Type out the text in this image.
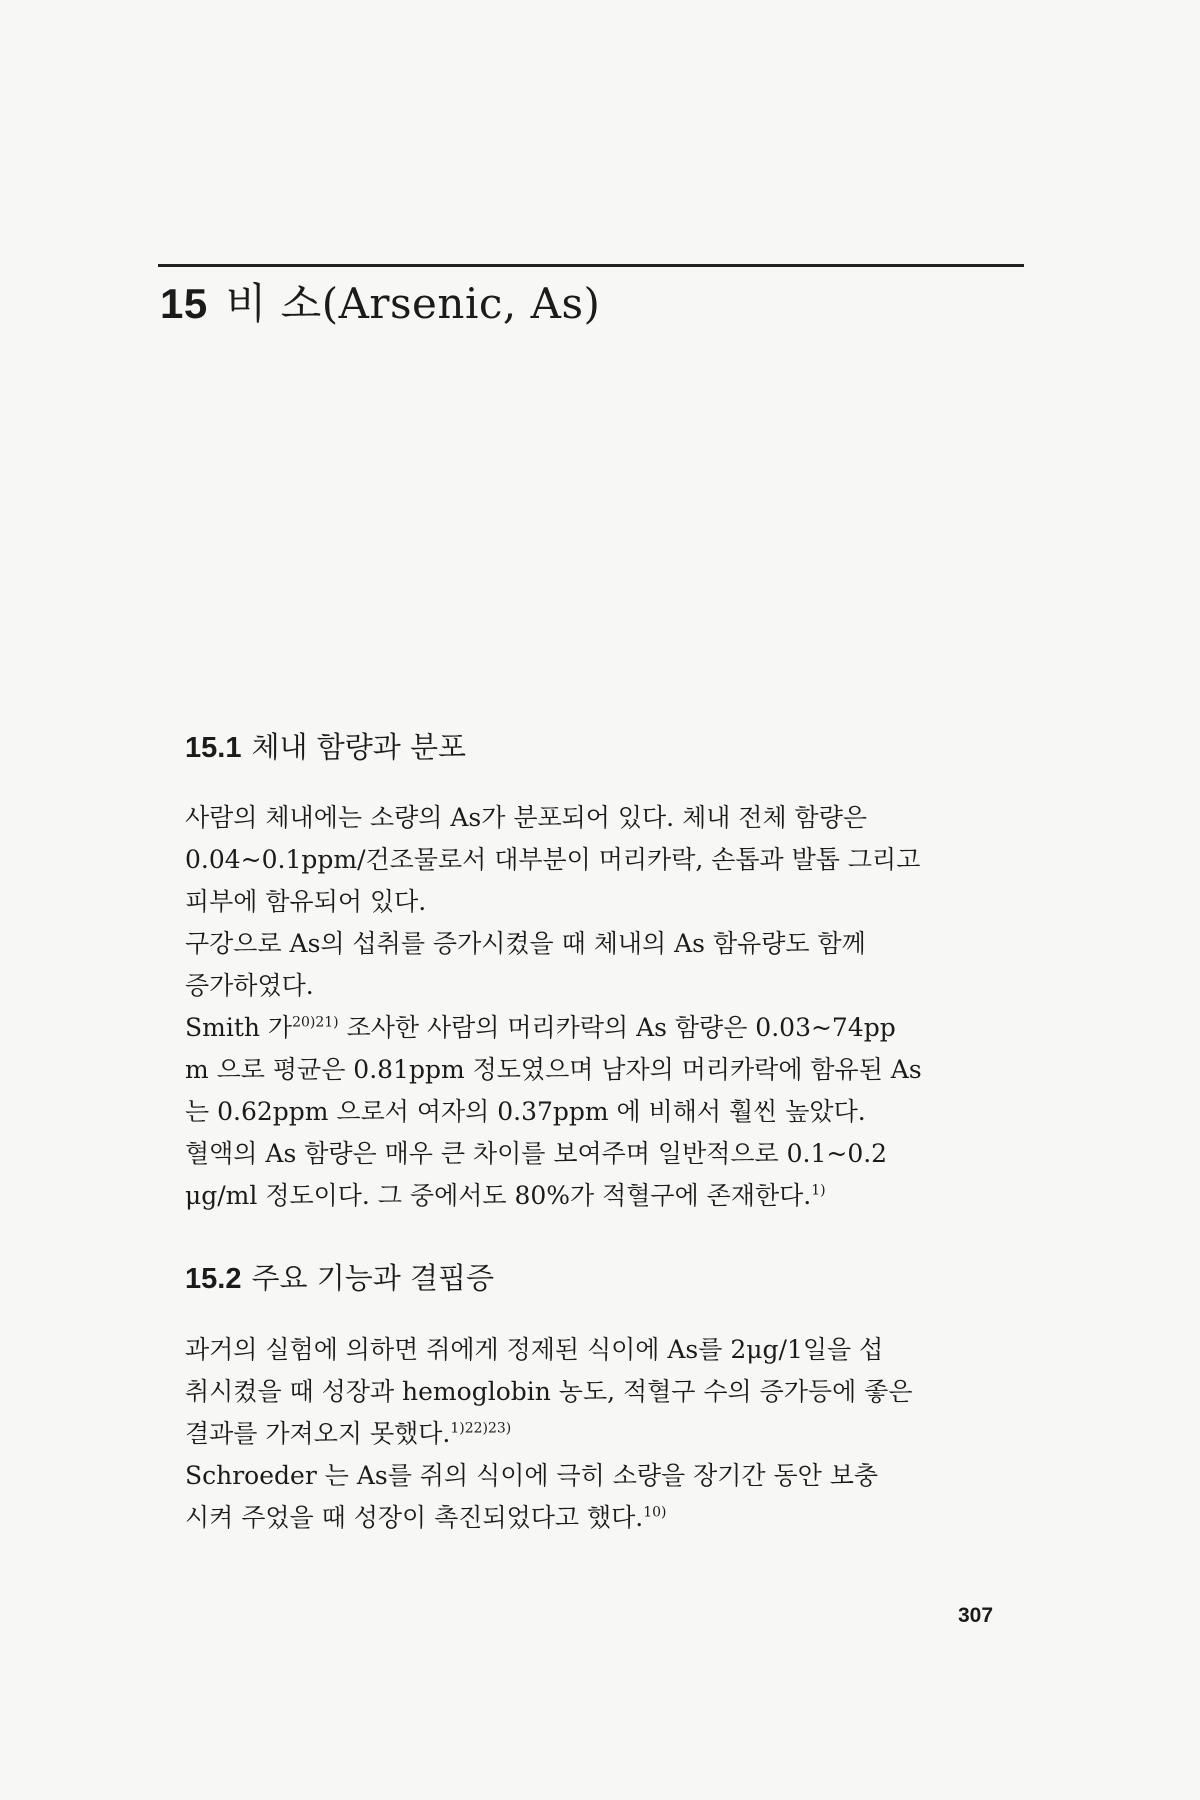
15 비 소(Arsenic, As)
15.1 체내 함량과 분포
사람의 체내에는 소량의 As가 분포되어 있다. 체내 전체 함량은
0.04~0.1ppm/건조물로서 대부분이 머리카락, 손톱과 발톱 그리고
피부에 함유되어 있다.
구강으로 As의 섭취를 증가시켰을 때 체내의 As 함유량도 함께
증가하였다.
Smith 가$^{20)21)}$ 조사한 사람의 머리카락의 As 함량은 0.03~74pp
m 으로 평균은 0.81ppm 정도였으며 남자의 머리카락에 함유된 As
는 0.62ppm 으로서 여자의 0.37ppm 에 비해서 훨씬 높았다.
혈액의 As 함량은 매우 큰 차이를 보여주며 일반적으로 0.1~0.2
μg/ml 정도이다. 그 중에서도 80%가 적혈구에 존재한다.$^{1)}$
15.2 주요 기능과 결핍증
과거의 실험에 의하면 쥐에게 정제된 식이에 As를 2μg/1일을 섭
취시켰을 때 성장과 hemoglobin 농도, 적혈구 수의 증가등에 좋은
결과를 가져오지 못했다.$^{1)22)23)}$
Schroeder 는 As를 쥐의 식이에 극히 소량을 장기간 동안 보충
시켜 주었을 때 성장이 촉진되었다고 했다.$^{10)}$
307
